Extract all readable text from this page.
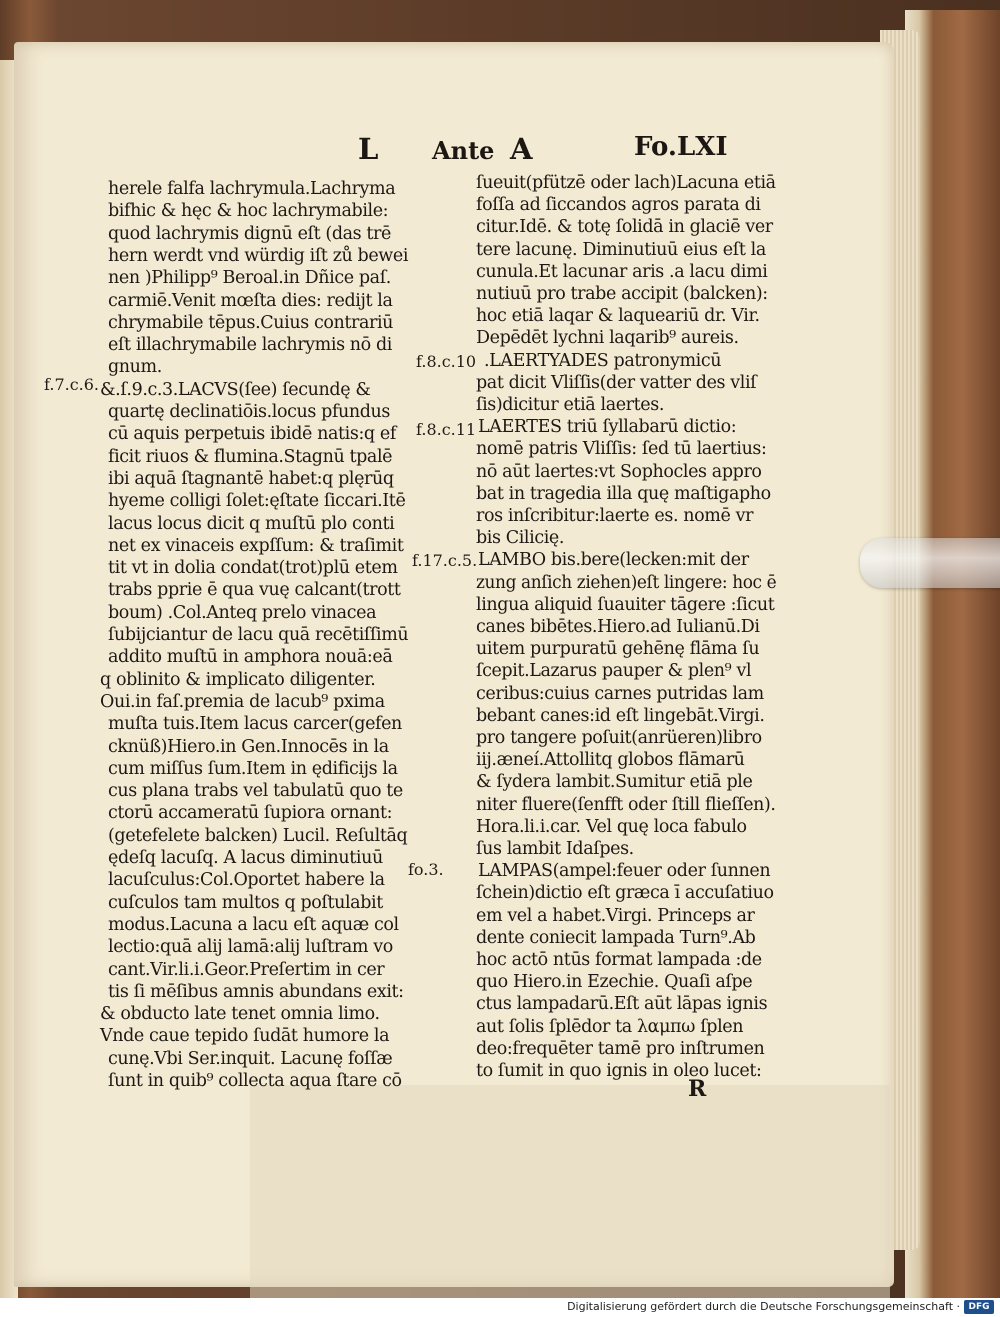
L Ante A	Fo.LXI
herele falfa lachrymula.Lachryma
bifhic & hęc & hoc lachrymabile:
quod lachrymis dignū eſt (das trē
hern werdt vnd würdig iſt zů bewei
nen )Philipp⁹ Beroal.in Dñice paſ.
carmiē.Venit mœſta dies: redijt la
chrymabile tēpus.Cuius contrariū
eſt illachrymabile lachrymis nō di
gnum.
&.ſ.9.c.3.LACVS(ſee) ſecundę &
quartę declinatiōis.locus pfundus
cū aquis perpetuis ibidē natis:q ef
ficit riuos & flumina.Stagnū tpalē
ibi aquā ſtagnantē habet:q plęrūq
hyeme colligi ſolet:ęſtate ſiccari.Itē
lacus locus dicit q muſtū plo conti
net ex vinaceis expſſum: & traſimit
tit vt in dolia condat(trot)plū etem
trabs pprie ē qua vuę calcant(trott
boum) .Col.Anteq prelo vinacea
ſubijciantur de lacu quā recētiſſimū
addito muſtū in amphora nouā:eā
q oblinito & implicato diligenter.
Oui.in faſ.premia de lacub⁹ pxima
muſta tuis.Item lacus carcer(gefen
cknüß)Hiero.in Gen.Innocēs in la
cum miſſus ſum.Item in ędificijs la
cus plana trabs vel tabulatū quo te
ctorū accameratū ſupiora ornant:
(getefelete balcken) Lucil. Reſultāq
ędeſq lacuſq. A lacus diminutiuū
lacuſculus:Col.Oportet habere la
cuſculos tam multos q poſtulabit
modus.Lacuna a lacu eſt aquæ col
lectio:quā alij lamā:alij luſtram vo
cant.Vir.li.i.Geor.Preſertim in cer
tis ſi mēſibus amnis abundans exit:
& obducto late tenet omnia limo.
Vnde caue tepido ſudāt humore la
cunę.Vbi Ser.inquit. Lacunę foſſæ
ſunt in quib⁹ collecta aqua ſtare cō
ſueuit(pfützē oder lach)Lacuna etiā
foſſa ad ſiccandos agros parata di
citur.Idē. & totę ſolidā in glaciē ver
tere lacunę. Diminutiuū eius eſt la
cunula.Et lacunar aris .a lacu dimi
nutiuū pro trabe accipit (balcken):
hoc etiā laqar & laqueariū dr. Vir.
Depēdēt lychni laqarib⁹ aureis.
.LAERTYADES patronymicū
pat dicit Vliſſis(der vatter des vliſ
ſis)dicitur etiā laertes.
LAERTES triū ſyllabarū dictio:
nomē patris Vliſſis: ſed tū laertius:
nō aūt laertes:vt Sophocles appro
bat in tragedia illa quę maſtigapho
ros inſcribitur:laerte es. nomē vr
bis Cilicię.
LAMBO bis.bere(lecken:mit der
zung anſich ziehen)eſt lingere: hoc ē
lingua aliquid ſuauiter tāgere :ſicut
canes bibētes.Hiero.ad Iulianū.Di
uitem purpuratū gehēnę flāma ſu
ſcepit.Lazarus pauper & plen⁹ vl
ceribus:cuius carnes putridas lam
bebant canes:id eſt lingebāt.Virgi.
pro tangere poſuit(anrüeren)libro
iij.æneí.Attollitq globos flāmarū
& ſydera lambit.Sumitur etiā ple
niter fluere(ſenfft oder ſtill flieſſen).
Hora.li.i.car. Vel quę loca fabulo
ſus lambit Idaſpes.
LAMPAS(ampel:feuer oder ſunnen
ſchein)dictio eſt græca ī accuſatiuo
em vel a habet.Virgi. Princeps ar
dente coniecit lampada Turn⁹.Ab
hoc actō ntūs format lampada :de
quo Hiero.in Ezechie. Quaſi aſpe
ctus lampadarū.Eſt aūt lāpas ignis
aut ſolis ſplēdor ta λαμπω ſplen
deo:frequēter tamē pro inſtrumen
to ſumit in quo ignis in oleo lucet:
f.7.c.6.
f.8.c.10
f.8.c.11
f.17.c.5.
fo.3.
R
Digitalisierung gefördert durch die Deutsche Forschungsgemeinschaft · DFG
